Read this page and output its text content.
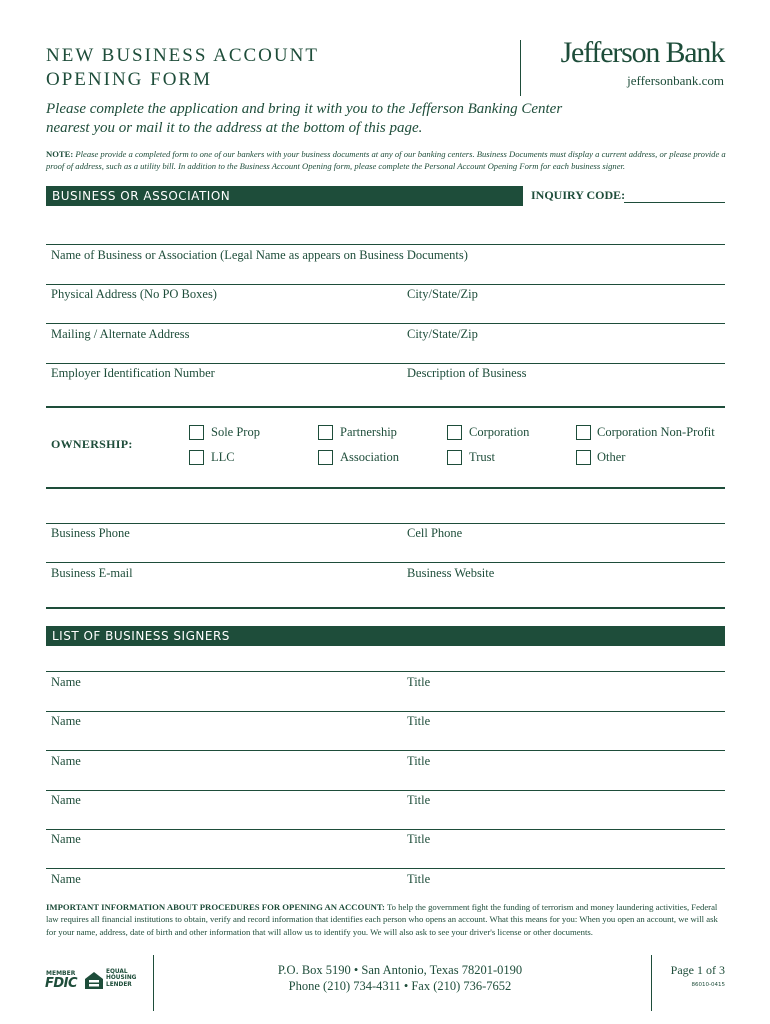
NEW BUSINESS ACCOUNT
OPENING FORM
Jefferson Bank
jeffersonbank.com
Please complete the application and bring it with you to the Jefferson Banking Center
nearest you or mail it to the address at the bottom of this page.
NOTE: Please provide a completed form to one of our bankers with your business documents at any of our banking centers. Business Documents must display a current address, or please provide a proof of address, such as a utility bill. In addition to the Business Account Opening form, please complete the Personal Account Opening Form for each business signer.
BUSINESS OR ASSOCIATION	INQUIRY CODE:
Name of Business or Association (Legal Name as appears on Business Documents)
Physical Address (No PO Boxes)	City/State/Zip
Mailing / Alternate Address	City/State/Zip
Employer Identification Number	Description of Business
OWNERSHIP:
Sole Prop	Partnership	Corporation	Corporation Non-Profit
LLC	Association	Trust	Other
Business Phone	Cell Phone
Business E-mail	Business Website
LIST OF BUSINESS SIGNERS
Name	Title
Name	Title
Name	Title
Name	Title
Name	Title
Name	Title
IMPORTANT INFORMATION ABOUT PROCEDURES FOR OPENING AN ACCOUNT: To help the government fight the funding of terrorism and money laundering activities, Federal law requires all financial institutions to obtain, verify and record information that identifies each person who opens an account. What this means for you: When you open an account, we will ask for your name, address, date of birth and other information that will allow us to identify you. We will also ask to see your driver's license or other documents.
MEMBER
FDIC
EQUAL
HOUSING
LENDER
P.O. Box 5190 • San Antonio, Texas 78201-0190
Phone (210) 734-4311 • Fax (210) 736-7652
Page 1 of 3
86010-0415
